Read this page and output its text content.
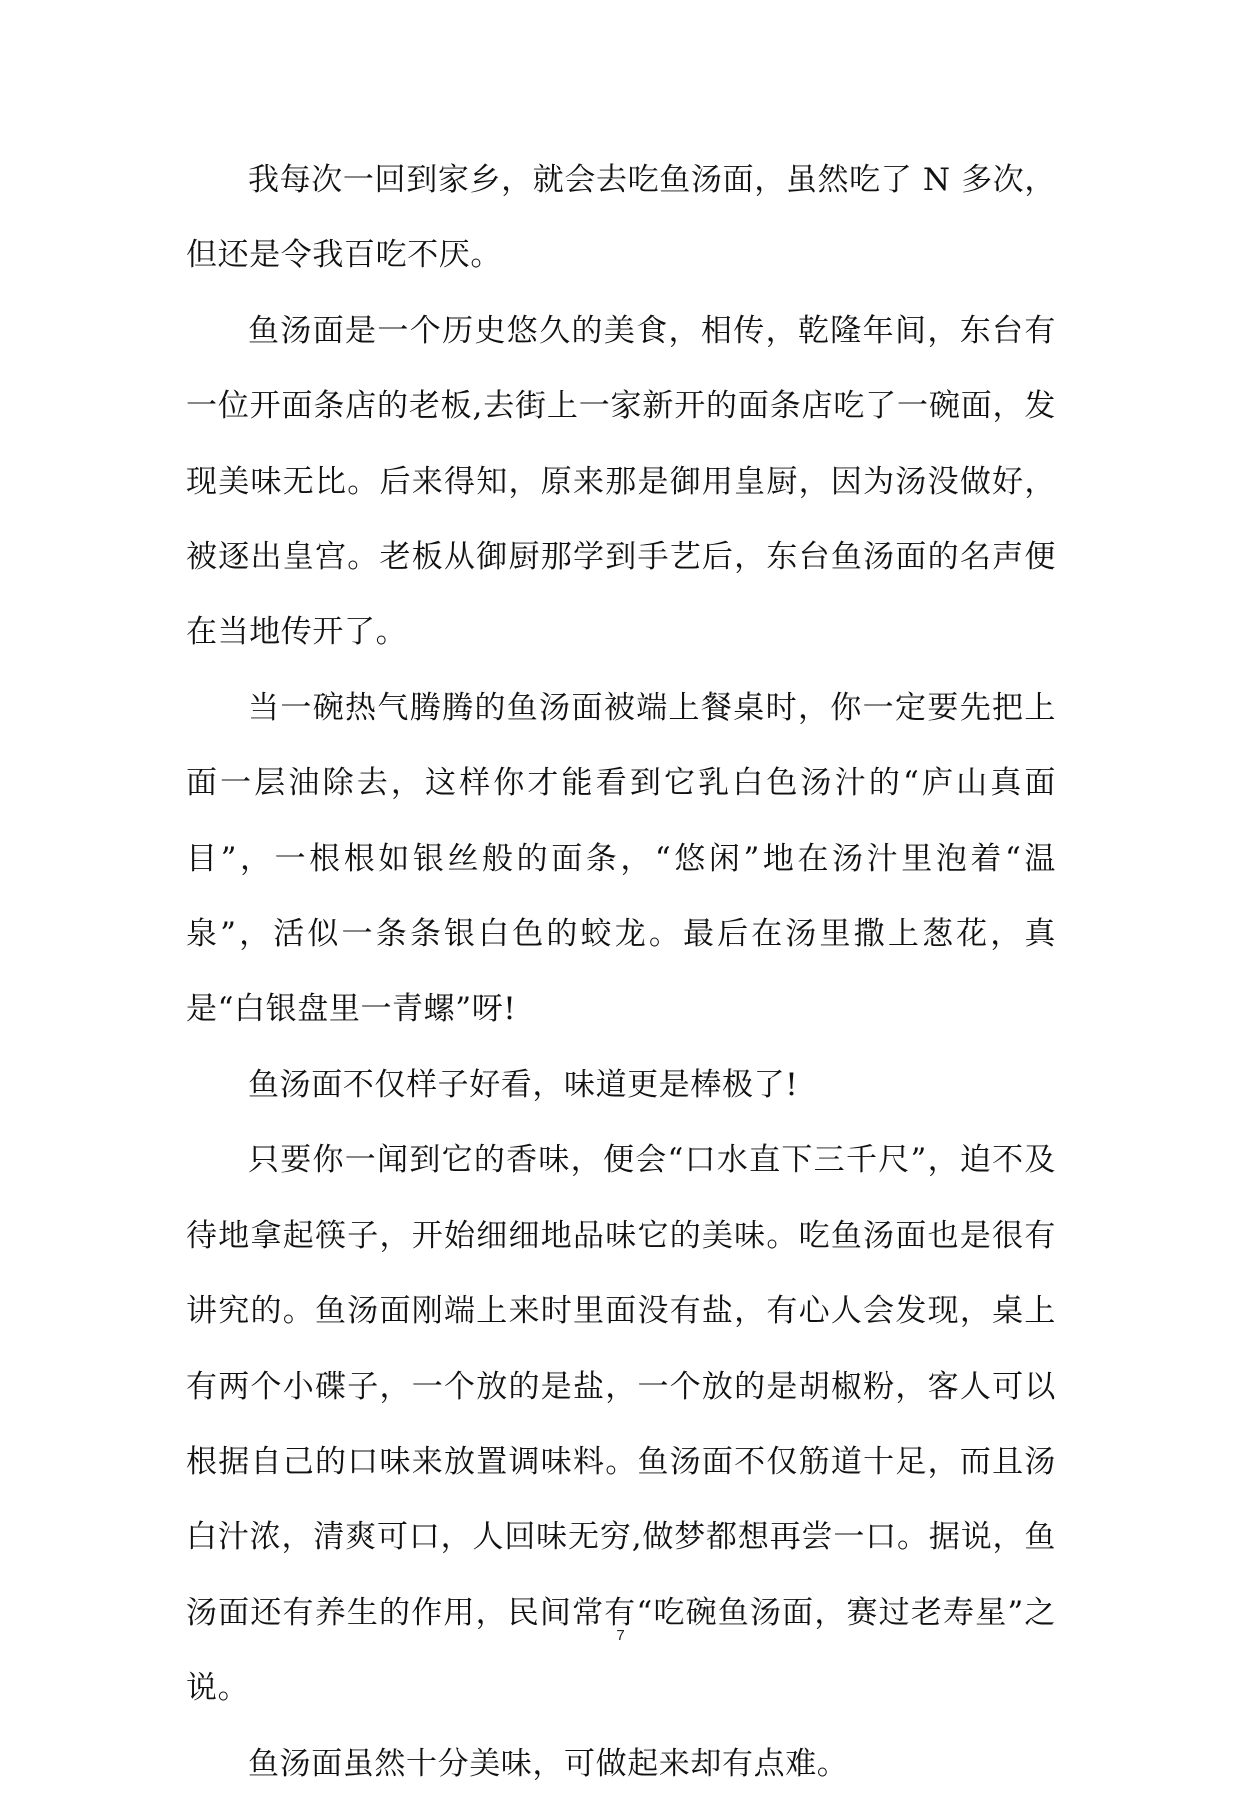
我每次一回到家乡，就会去吃鱼汤面，虽然吃了 N 多次，但还是令我百吃不厌。

鱼汤面是一个历史悠久的美食，相传，乾隆年间，东台有一位开面条店的老板,去街上一家新开的面条店吃了一碗面，发现美味无比。后来得知，原来那是御用皇厨，因为汤没做好，被逐出皇宫。老板从御厨那学到手艺后，东台鱼汤面的名声便在当地传开了。

当一碗热气腾腾的鱼汤面被端上餐桌时，你一定要先把上面一层油除去，这样你才能看到它乳白色汤汁的“庐山真面目”，一根根如银丝般的面条，“悠闲”地在汤汁里泡着“温泉”，活似一条条银白色的蛟龙。最后在汤里撒上葱花，真是“白银盘里一青螺”呀!

鱼汤面不仅样子好看，味道更是棒极了!

只要你一闻到它的香味，便会“口水直下三千尺”，迫不及待地拿起筷子，开始细细地品味它的美味。吃鱼汤面也是很有讲究的。鱼汤面刚端上来时里面没有盐，有心人会发现，桌上有两个小碟子，一个放的是盐，一个放的是胡椒粉，客人可以根据自己的口味来放置调味料。鱼汤面不仅筋道十足，而且汤白汁浓，清爽可口，人回味无穷,做梦都想再尝一口。据说，鱼汤面还有养生的作用，民间常有“吃碗鱼汤面，赛过老寿星”之说。

鱼汤面虽然十分美味，可做起来却有点难。

7
